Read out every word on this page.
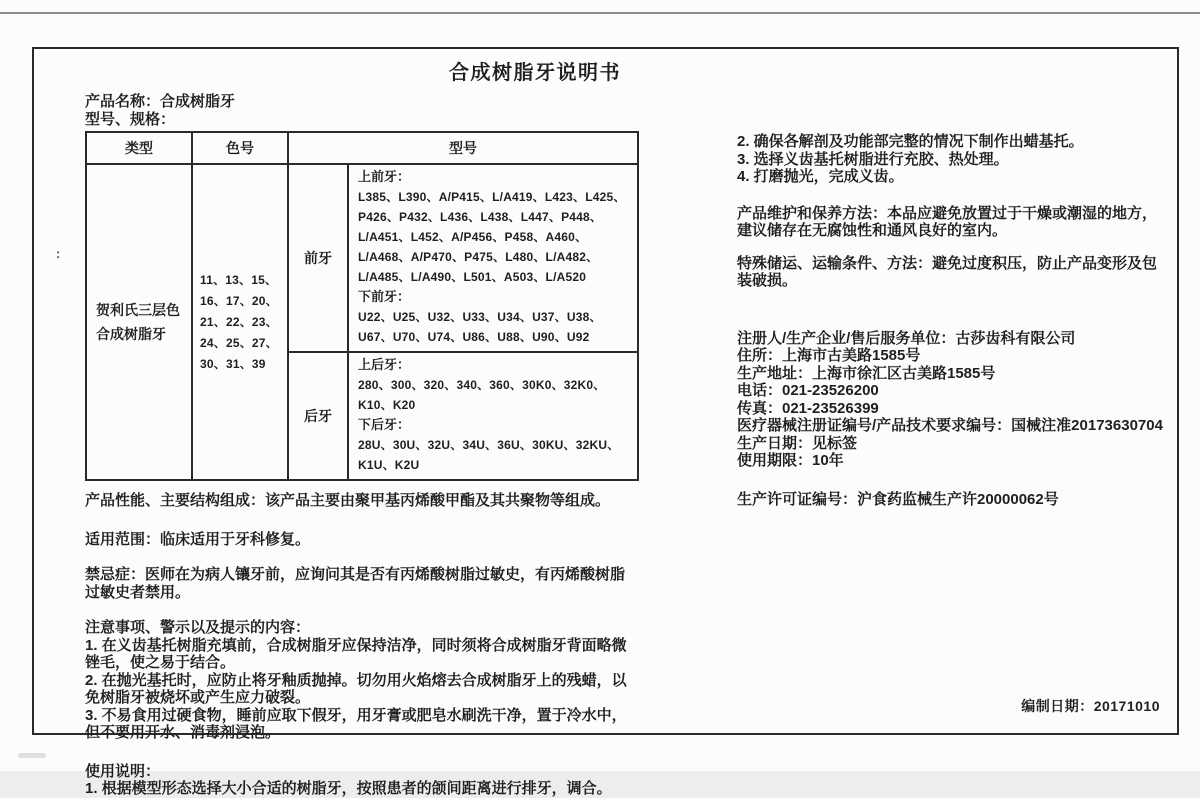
:
合成树脂牙说明书
产品名称：合成树脂牙
型号、规格：
类型	色号	型号	
贺利氏三层色合成树脂牙	11、13、15、16、17、20、21、22、23、24、25、27、30、31、39	前牙	上前牙：
L385、L390、A/P415、L/A419、L423、L425、P426、P432、L436、L438、L447、P448、L/A451、L452、A/P456、P458、A460、L/A468、A/P470、P475、L480、L/A482、L/A485、L/A490、L501、A503、L/A520
下前牙：
U22、U25、U32、U33、U34、U37、U38、U67、U70、U74、U86、U88、U90、U92

		后牙	上后牙：
280、300、320、340、360、30K0、32K0、K10、K20
下后牙：
28U、30U、32U、34U、36U、30KU、32KU、K1U、K2U
产品性能、主要结构组成：该产品主要由聚甲基丙烯酸甲酯及其共聚物等组成。
适用范围：临床适用于牙科修复。
禁忌症：医师在为病人镶牙前，应询问其是否有丙烯酸树脂过敏史，有丙烯酸树脂过敏史者禁用。
注意事项、警示以及提示的内容：
1. 在义齿基托树脂充填前，合成树脂牙应保持洁净，同时须将合成树脂牙背面略微锉毛，使之易于结合。
2. 在抛光基托时，应防止将牙釉质抛掉。切勿用火焰熔去合成树脂牙上的残蜡，以免树脂牙被烧坏或产生应力破裂。
3. 不易食用过硬食物，睡前应取下假牙，用牙膏或肥皂水刷洗干净，置于冷水中，但不要用开水、消毒剂浸泡。
使用说明：
1. 根据模型形态选择大小合适的树脂牙，按照患者的颌间距离进行排牙，调合。
2. 确保各解剖及功能部完整的情况下制作出蜡基托。
3. 选择义齿基托树脂进行充胶、热处理。
4. 打磨抛光，完成义齿。
产品维护和保养方法：本品应避免放置过于干燥或潮湿的地方，建议储存在无腐蚀性和通风良好的室内。
特殊储运、运输条件、方法：避免过度积压，防止产品变形及包装破损。
注册人/生产企业/售后服务单位：古莎齿科有限公司
住所：上海市古美路1585号
生产地址：上海市徐汇区古美路1585号
电话：021-23526200
传真：021-23526399
医疗器械注册证编号/产品技术要求编号：国械注准20173630704
生产日期：见标签
使用期限：10年
生产许可证编号：沪食药监械生产许20000062号
编制日期：20171010
